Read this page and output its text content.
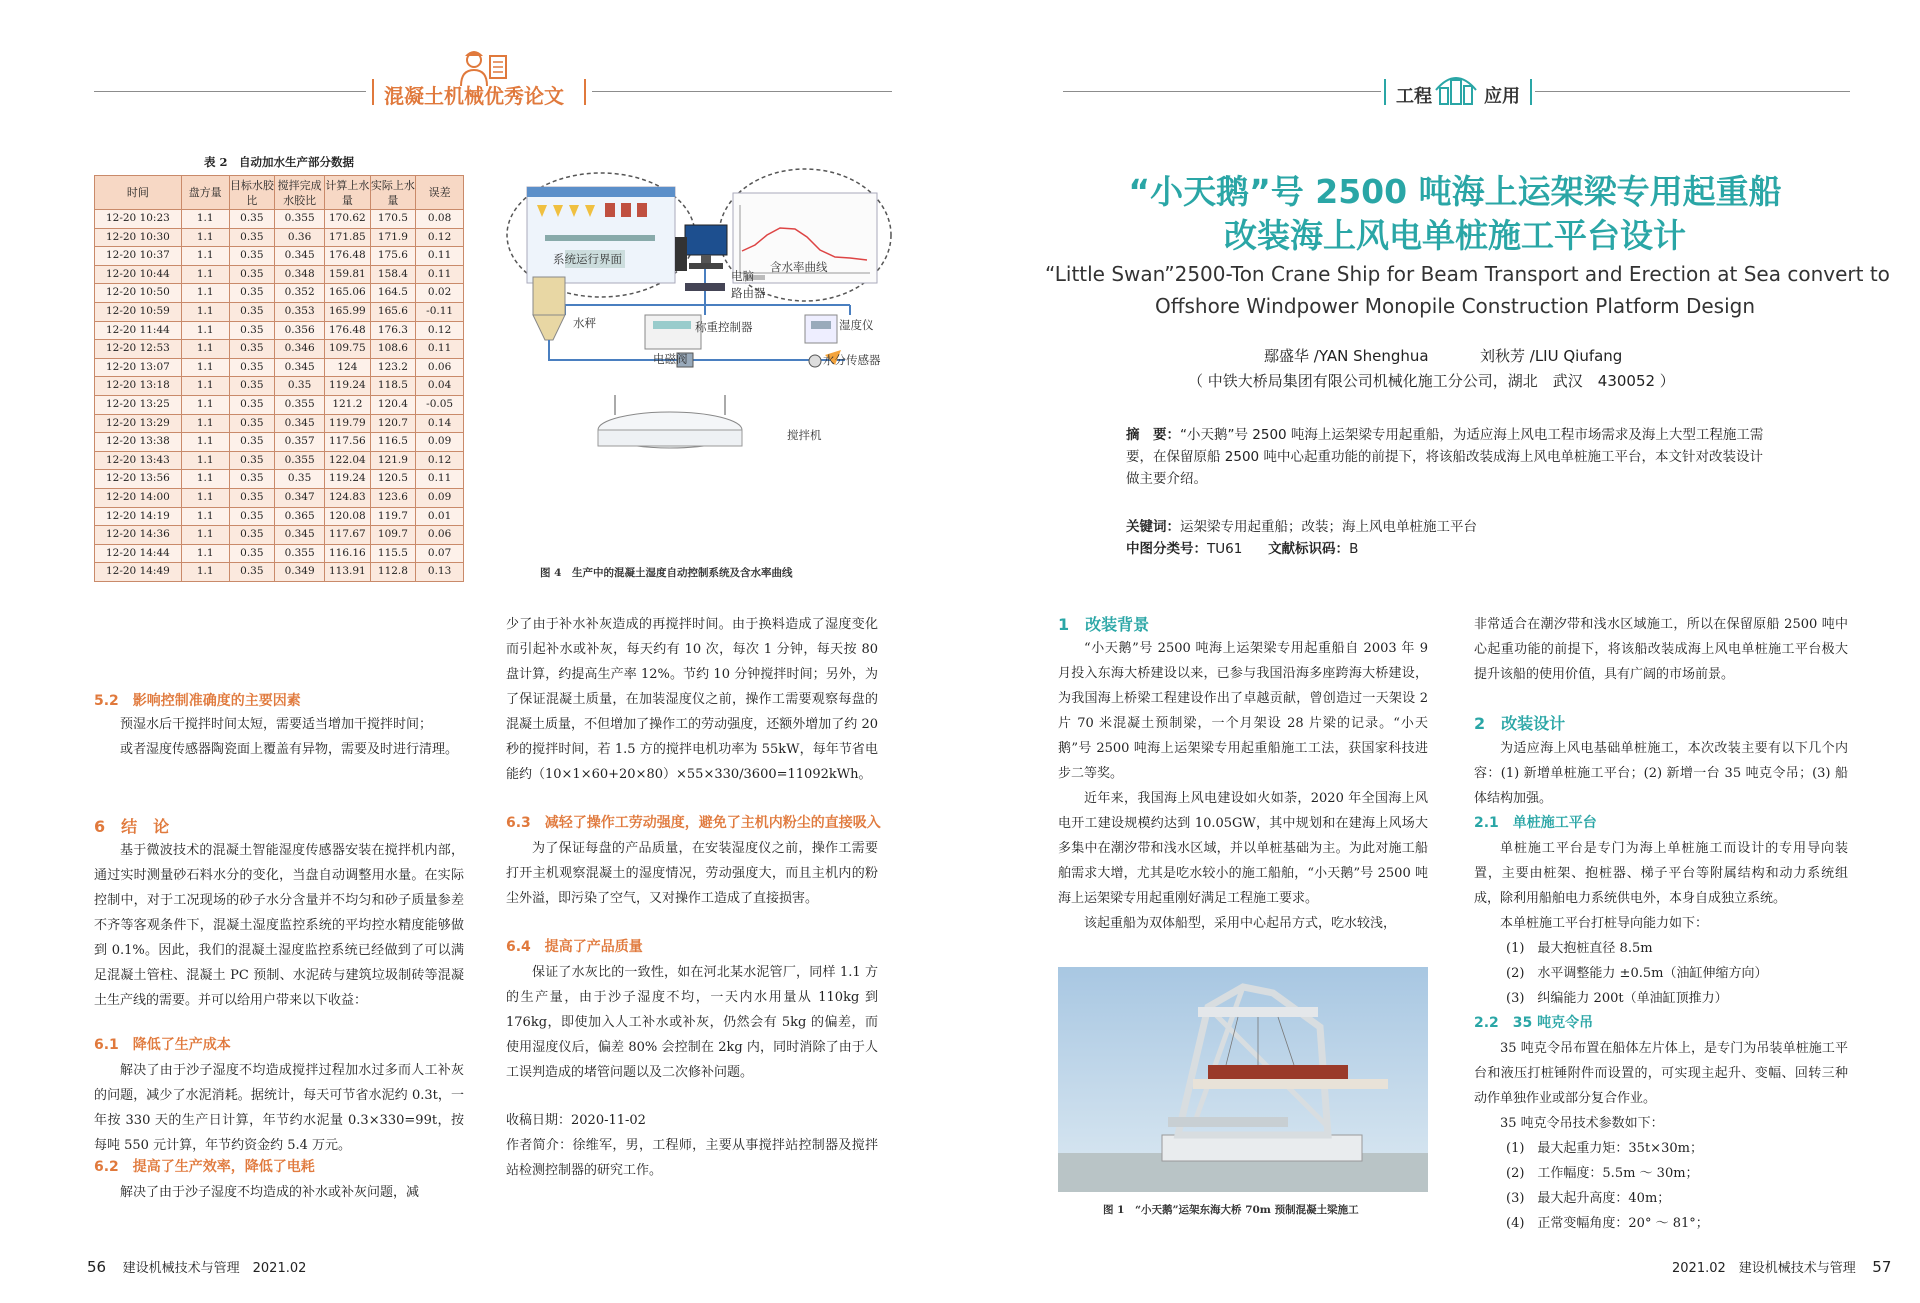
混凝土机械优秀论文
表 2　自动加水生产部分数据
时间	盘方量	目标水胶比	搅拌完成水胶比	计算上水量	实际上水量	误差
12-20 10:23	1.1	0.35	0.355	170.62	170.5	0.08
12-20 10:30	1.1	0.35	0.36	171.85	171.9	0.12
12-20 10:37	1.1	0.35	0.345	176.48	175.6	0.11
12-20 10:44	1.1	0.35	0.348	159.81	158.4	0.11
12-20 10:50	1.1	0.35	0.352	165.06	164.5	0.02
12-20 10:59	1.1	0.35	0.353	165.99	165.6	-0.11
12-20 11:44	1.1	0.35	0.356	176.48	176.3	0.12
12-20 12:53	1.1	0.35	0.346	109.75	108.6	0.11
12-20 13:07	1.1	0.35	0.345	124	123.2	0.06
12-20 13:18	1.1	0.35	0.35	119.24	118.5	0.04
12-20 13:25	1.1	0.35	0.355	121.2	120.4	-0.05
12-20 13:29	1.1	0.35	0.345	119.79	120.7	0.14
12-20 13:38	1.1	0.35	0.357	117.56	116.5	0.09
12-20 13:43	1.1	0.35	0.355	122.04	121.9	0.12
12-20 13:56	1.1	0.35	0.35	119.24	120.5	0.11
12-20 14:00	1.1	0.35	0.347	124.83	123.6	0.09
12-20 14:19	1.1	0.35	0.365	120.08	119.7	0.01
12-20 14:36	1.1	0.35	0.345	117.67	109.7	0.06
12-20 14:44	1.1	0.35	0.355	116.16	115.5	0.07
12-20 14:49	1.1	0.35	0.349	113.91	112.8	0.13
系统运行界面
含水率曲线
电脑
路由器
水秤	称重控制器	湿度仪
电磁阀	水分传感器
搅拌机
图 4　生产中的混凝土湿度自动控制系统及含水率曲线
5.2　影响控制准确度的主要因素

预湿水后干搅拌时间太短，需要适当增加干搅拌时间；

或者湿度传感器陶瓷面上覆盖有异物，需要及时进行清理。

6　结　论

基于微波技术的混凝土智能湿度传感器安装在搅拌机内部，通过实时测量砂石料水分的变化，当盘自动调整用水量。在实际控制中，对于工况现场的砂子水分含量并不均匀和砂子质量参差不齐等客观条件下，混凝土湿度监控系统的平均控水精度能够做到 0.1%。因此，我们的混凝土湿度监控系统已经做到了可以满足混凝土管柱、混凝土 PC 预制、水泥砖与建筑垃圾制砖等混凝土生产线的需要。并可以给用户带来以下收益：

6.1　降低了生产成本

解决了由于沙子湿度不均造成搅拌过程加水过多而人工补灰的问题，减少了水泥消耗。据统计，每天可节省水泥约 0.3t，一年按 330 天的生产日计算，年节约水泥量 0.3×330=99t，按每吨 550 元计算，年节约资金约 5.4 万元。

6.2　提高了生产效率，降低了电耗

解决了由于沙子湿度不均造成的补水或补灰问题，减

少了由于补水补灰造成的再搅拌时间。由于换料造成了湿度变化而引起补水或补灰，每天约有 10 次，每次 1 分钟，每天按 80 盘计算，约提高生产率 12%。节约 10 分钟搅拌时间；另外，为了保证混凝土质量，在加装湿度仪之前，操作工需要观察每盘的混凝土质量，不但增加了操作工的劳动强度，还额外增加了约 20 秒的搅拌时间，若 1.5 方的搅拌电机功率为 55kW，每年节省电能约（10×1×60+20×80）×55×330/3600=11092kWh。

6.3　减轻了操作工劳动强度，避免了主机内粉尘的直接吸入

为了保证每盘的产品质量，在安装湿度仪之前，操作工需要打开主机观察混凝土的湿度情况，劳动强度大，而且主机内的粉尘外溢，即污染了空气，又对操作工造成了直接损害。

6.4　提高了产品质量

保证了水灰比的一致性，如在河北某水泥管厂，同样 1.1 方的生产量，由于沙子湿度不均，一天内水用量从 110kg 到 176kg，即使加入人工补水或补灰，仍然会有 5kg 的偏差，而使用湿度仪后，偏差 80% 会控制在 2kg 内，同时消除了由于人工误判造成的堵管问题以及二次修补问题。

收稿日期：2020-11-02
作者简介：徐维军，男，工程师，主要从事搅拌站控制器及搅拌站检测控制器的研究工作。
56 建设机械技术与管理　2021.02
工程	应用
“小天鹅”号 2500 吨海上运架梁专用起重船
改装海上风电单桩施工平台设计
“Little Swan”2500-Ton Crane Ship for Beam Transport and Erection at Sea convert to
Offshore Windpower Monopile Construction Platform Design
鄢盛华 /YAN Shenghua	刘秋芳 /LIU Qiufang
（ 中铁大桥局集团有限公司机械化施工分公司，湖北　武汉　430052 ）
摘　要：“小天鹅”号 2500 吨海上运架梁专用起重船，为适应海上风电工程市场需求及海上大型工程施工需要，在保留原船 2500 吨中心起重功能的前提下，将该船改装成海上风电单桩施工平台，本文针对改装设计做主要介绍。
关键词：运架梁专用起重船；改装；海上风电单桩施工平台
中图分类号：TU61 文献标识码：B
1　改装背景

“小天鹅”号 2500 吨海上运架梁专用起重船自 2003 年 9 月投入东海大桥建设以来，已参与我国沿海多座跨海大桥建设，为我国海上桥梁工程建设作出了卓越贡献，曾创造过一天架设 2 片 70 米混凝土预制梁，一个月架设 28 片梁的记录。“小天鹅”号 2500 吨海上运架梁专用起重船施工工法，获国家科技进步二等奖。

近年来，我国海上风电建设如火如荼，2020 年全国海上风电开工建设规模约达到 10.05GW，其中规划和在建海上风场大多集中在潮汐带和浅水区域，并以单桩基础为主。为此对施工船舶需求大增，尤其是吃水较小的施工船舶，“小天鹅”号 2500 吨海上运架梁专用起重刚好满足工程施工要求。

该起重船为双体船型，采用中心起吊方式，吃水较浅，

图 1　“小天鹅”运架东海大桥 70m 预制混凝土梁施工

非常适合在潮汐带和浅水区域施工，所以在保留原船 2500 吨中心起重功能的前提下，将该船改装成海上风电单桩施工平台极大提升该船的使用价值，具有广阔的市场前景。

2　改装设计

为适应海上风电基础单桩施工，本次改装主要有以下几个内容：(1) 新增单桩施工平台；(2) 新增一台 35 吨克令吊；(3) 船体结构加强。

2.1　单桩施工平台

单桩施工平台是专门为海上单桩施工而设计的专用导向装置，主要由桩架、抱桩器、梯子平台等附属结构和动力系统组成，除利用船舶电力系统供电外，本身自成独立系统。

本单桩施工平台打桩导向能力如下：

(1)　最大抱桩直径 8.5m
(2)　水平调整能力 ±0.5m（油缸伸缩方向）
(3)　纠编能力 200t（单油缸顶推力）
2.2　35 吨克令吊

35 吨克令吊布置在船体左片体上，是专门为吊装单桩施工平台和液压打桩锤附件而设置的，可实现主起升、变幅、回转三种动作单独作业或部分复合作业。

35 吨克令吊技术参数如下：

(1)　最大起重力矩：35t×30m；
(2)　工作幅度：5.5m ～ 30m；
(3)　最大起升高度：40m；
(4)　正常变幅角度：20° ～ 81°；
2021.02　建设机械技术与管理 57
